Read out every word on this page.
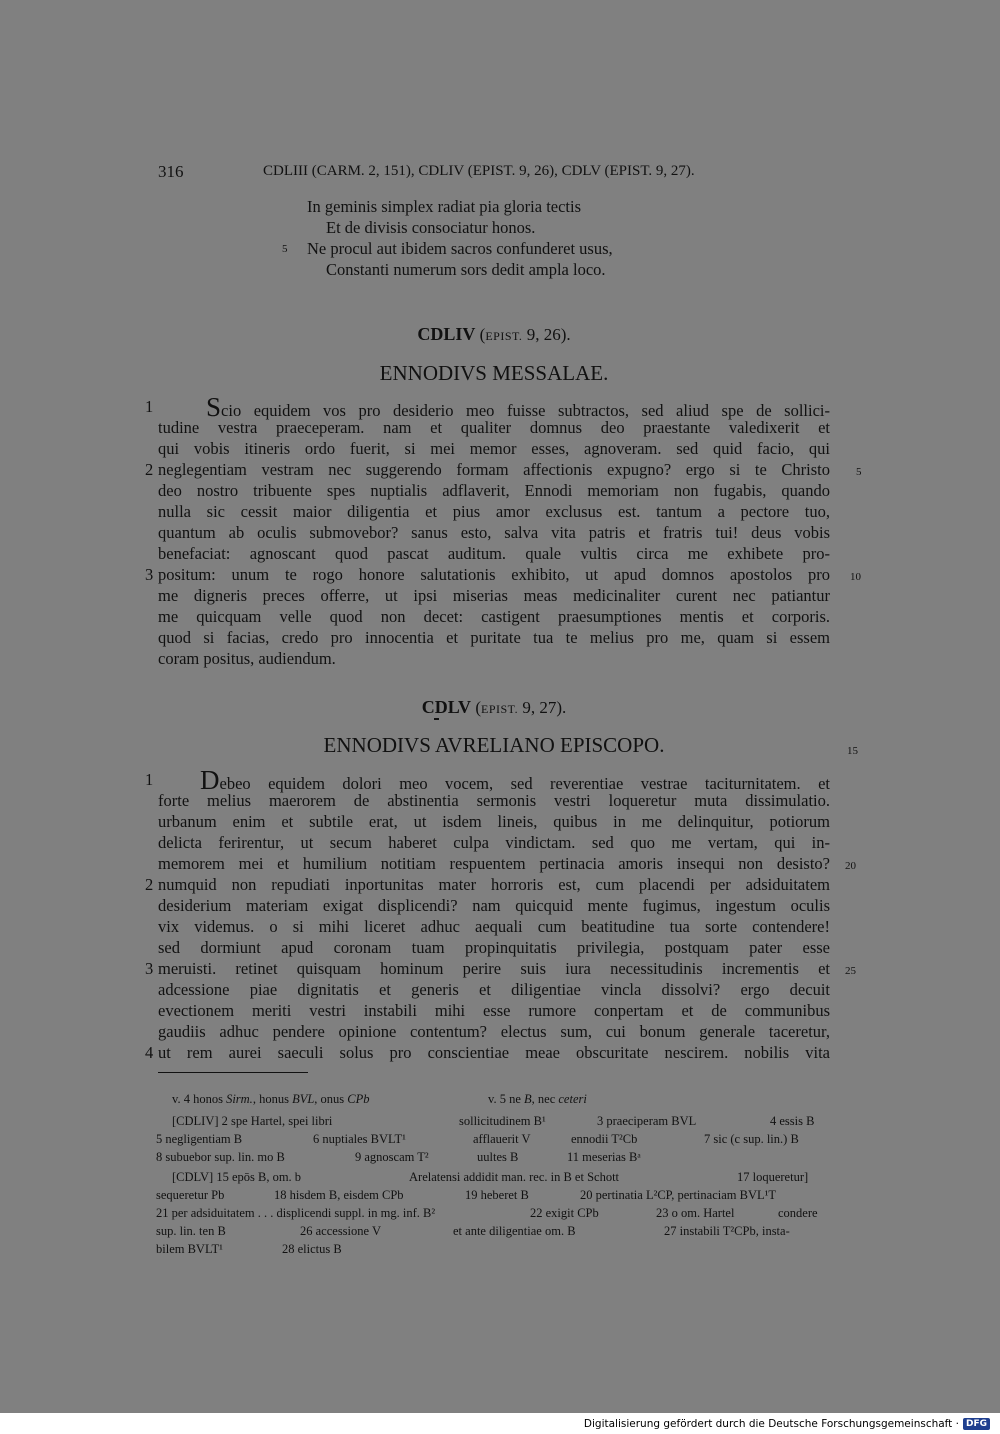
316	CDLIII (CARM. 2, 151), CDLIV (EPIST. 9, 26), CDLV (EPIST. 9, 27).
In geminis simplex radiat pia gloria tectis
Et de divisis consociatur honos.
5 Ne procul aut ibidem sacros confunderet usus,
Constanti numerum sors dedit ampla loco.
CDLIV (EPIST. 9, 26).
ENNODIVS MESSALAE.
1	Scio equidem vos pro desiderio meo fuisse subtractos, sed aliud spe de sollici-
tudine vestra praeceperam. nam et qualiter domnus deo praestante valedixerit et
qui vobis itineris ordo fuerit, si mei memor esses, agnoveram. sed quid facio, qui
2 neglegentiam vestram nec suggerendo formam affectionis expugno? ergo si te Christo 5
deo nostro tribuente spes nuptialis adflaverit, Ennodi memoriam non fugabis, quando
nulla sic cessit maior diligentia et pius amor exclusus est. tantum a pectore tuo,
quantum ab oculis submovebor? sanus esto, salva vita patris et fratris tui! deus vobis
benefaciat: agnoscant quod pascat auditum. quale vultis circa me exhibete pro-
3 positum: unum te rogo honore salutationis exhibito, ut apud domnos apostolos pro 10
me digneris preces offerre, ut ipsi miserias meas medicinaliter curent nec patiantur
me quicquam velle quod non decet: castigent praesumptiones mentis et corporis.
quod si facias, credo pro innocentia et puritate tua te melius pro me, quam si essem
coram positus, audiendum.
CDLV (EPIST. 9, 27).
ENNODIVS AVRELIANO EPISCOPO.	15
1	Debeo equidem dolori meo vocem, sed reverentiae vestrae taciturnitatem. et
forte melius maerorem de abstinentia sermonis vestri loqueretur muta dissimulatio.
urbanum enim et subtile erat, ut isdem lineis, quibus in me delinquitur, potiorum
delicta ferirentur, ut secum haberet culpa vindictam. sed quo me vertam, qui in-
memorem mei et humilium notitiam respuentem pertinacia amoris insequi non desisto? 20
2 numquid non repudiati inportunitas mater horroris est, cum placendi per adsiduitatem
desiderium materiam exigat displicendi? nam quicquid mente fugimus, ingestum oculis
vix videmus. o si mihi liceret adhuc aequali cum beatitudine tua sorte contendere!
sed dormiunt apud coronam tuam propinquitatis privilegia, postquam pater esse
3 meruisti. retinet quisquam hominum perire suis iura necessitudinis incrementis et 25
adcessione piae dignitatis et generis et diligentiae vincla dissolvi? ergo decuit
evectionem meriti vestri instabili mihi esse rumore conpertam et de communibus
gaudiis adhuc pendere opinione contentum? electus sum, cui bonum generale taceretur,
4 ut rem aurei saeculi solus pro conscientiae meae obscuritate nescirem. nobilis vita
v. 4 honos Sirm., honus BVL, onus CPb	v. 5 ne B, nec ceteri
[CDLIV] 2 spe Hartel, spei libri	sollicitudinem B¹	3 praeciperam BVL	4 essis B
5 negligentiam B	6 nuptiales BVLT¹	afflauerit V	ennodii T²Cb	7 sic (c sup. lin.) B
8 subuebor sup. lin. mo B	9 agnoscam T²	uultes B	11 meserias Bᵃ
[CDLV] 15 epōs B, om. b	Arelatensi addidit man. rec. in B et Schott	17 loqueretur]
sequeretur Pb	18 hisdem B, eisdem CPb	19 heberet B	20 pertinatia L²CP, pertinaciam BVL¹T
21 per adsiduitatem . . . displicendi suppl. in mg. inf. B²	22 exigit CPb	23 o om. Hartel	condere
sup. lin. ten B	26 accessione V	et ante diligentiae om. B	27 instabili T²CPb, insta-
bilem BVLT¹	28 elictus B
Digitalisierung gefördert durch die Deutsche Forschungsgemeinschaft · DFG
